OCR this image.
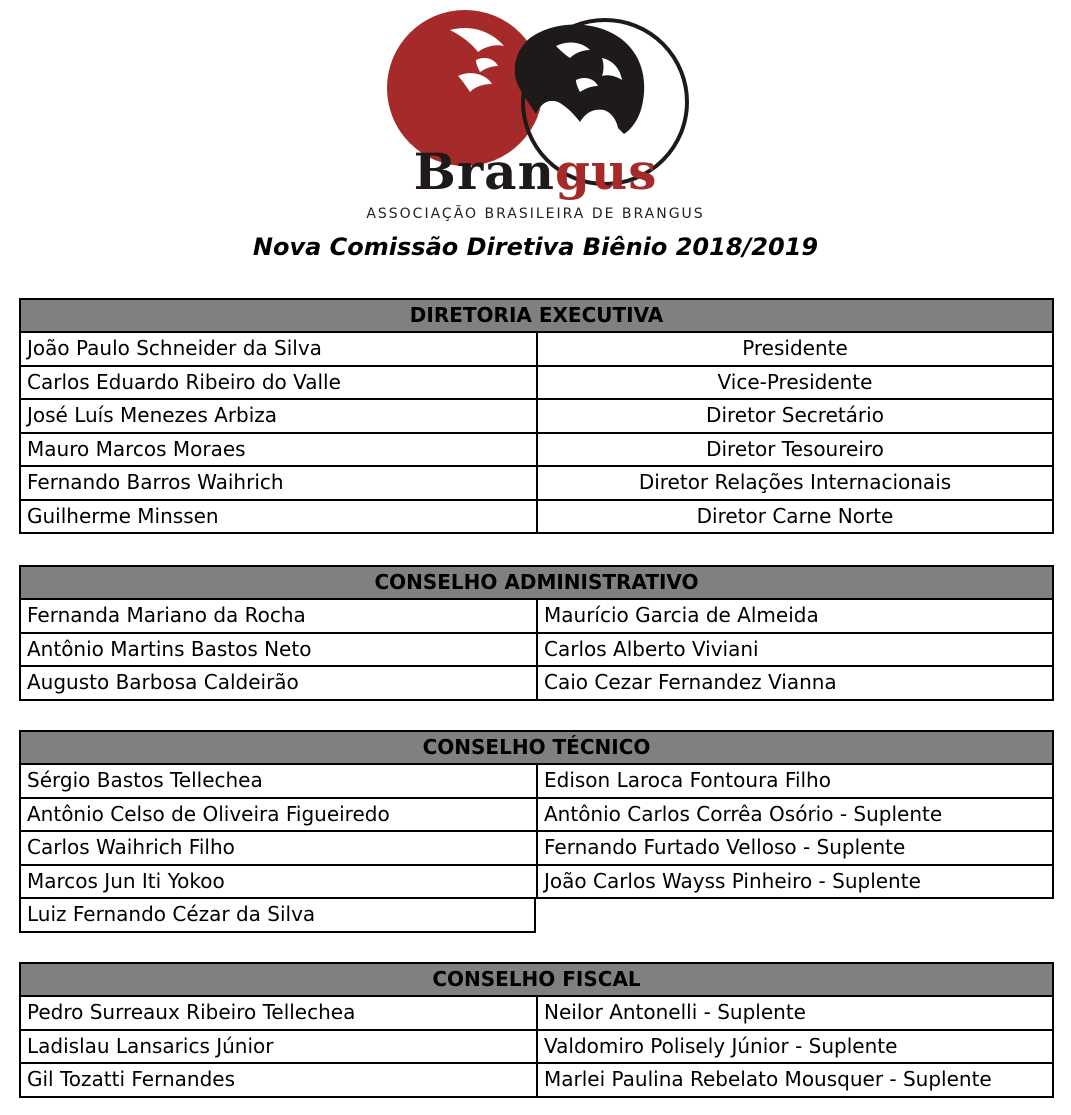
Brangus
ASSOCIAÇÃO BRASILEIRA DE BRANGUS
Nova Comissão Diretiva Biênio 2018/2019
DIRETORIA EXECUTIVA
João Paulo Schneider da Silva	Presidente
Carlos Eduardo Ribeiro do Valle	Vice-Presidente
José Luís Menezes Arbiza	Diretor Secretário
Mauro Marcos Moraes	Diretor Tesoureiro
Fernando Barros Waihrich	Diretor Relações Internacionais
Guilherme Minssen	Diretor Carne Norte
CONSELHO ADMINISTRATIVO
Fernanda Mariano da Rocha	Maurício Garcia de Almeida
Antônio Martins Bastos Neto	Carlos Alberto Viviani
Augusto Barbosa Caldeirão	Caio Cezar Fernandez Vianna
CONSELHO TÉCNICO
Sérgio Bastos Tellechea	Edison Laroca Fontoura Filho
Antônio Celso de Oliveira Figueiredo	Antônio Carlos Corrêa Osório - Suplente
Carlos Waihrich Filho	Fernando Furtado Velloso - Suplente
Marcos Jun Iti Yokoo	João Carlos Wayss Pinheiro - Suplente
Luiz Fernando Cézar da Silva
CONSELHO FISCAL
Pedro Surreaux Ribeiro Tellechea	Neilor Antonelli - Suplente
Ladislau Lansarics Júnior	Valdomiro Polisely Júnior - Suplente
Gil Tozatti Fernandes	Marlei Paulina Rebelato Mousquer - Suplente
